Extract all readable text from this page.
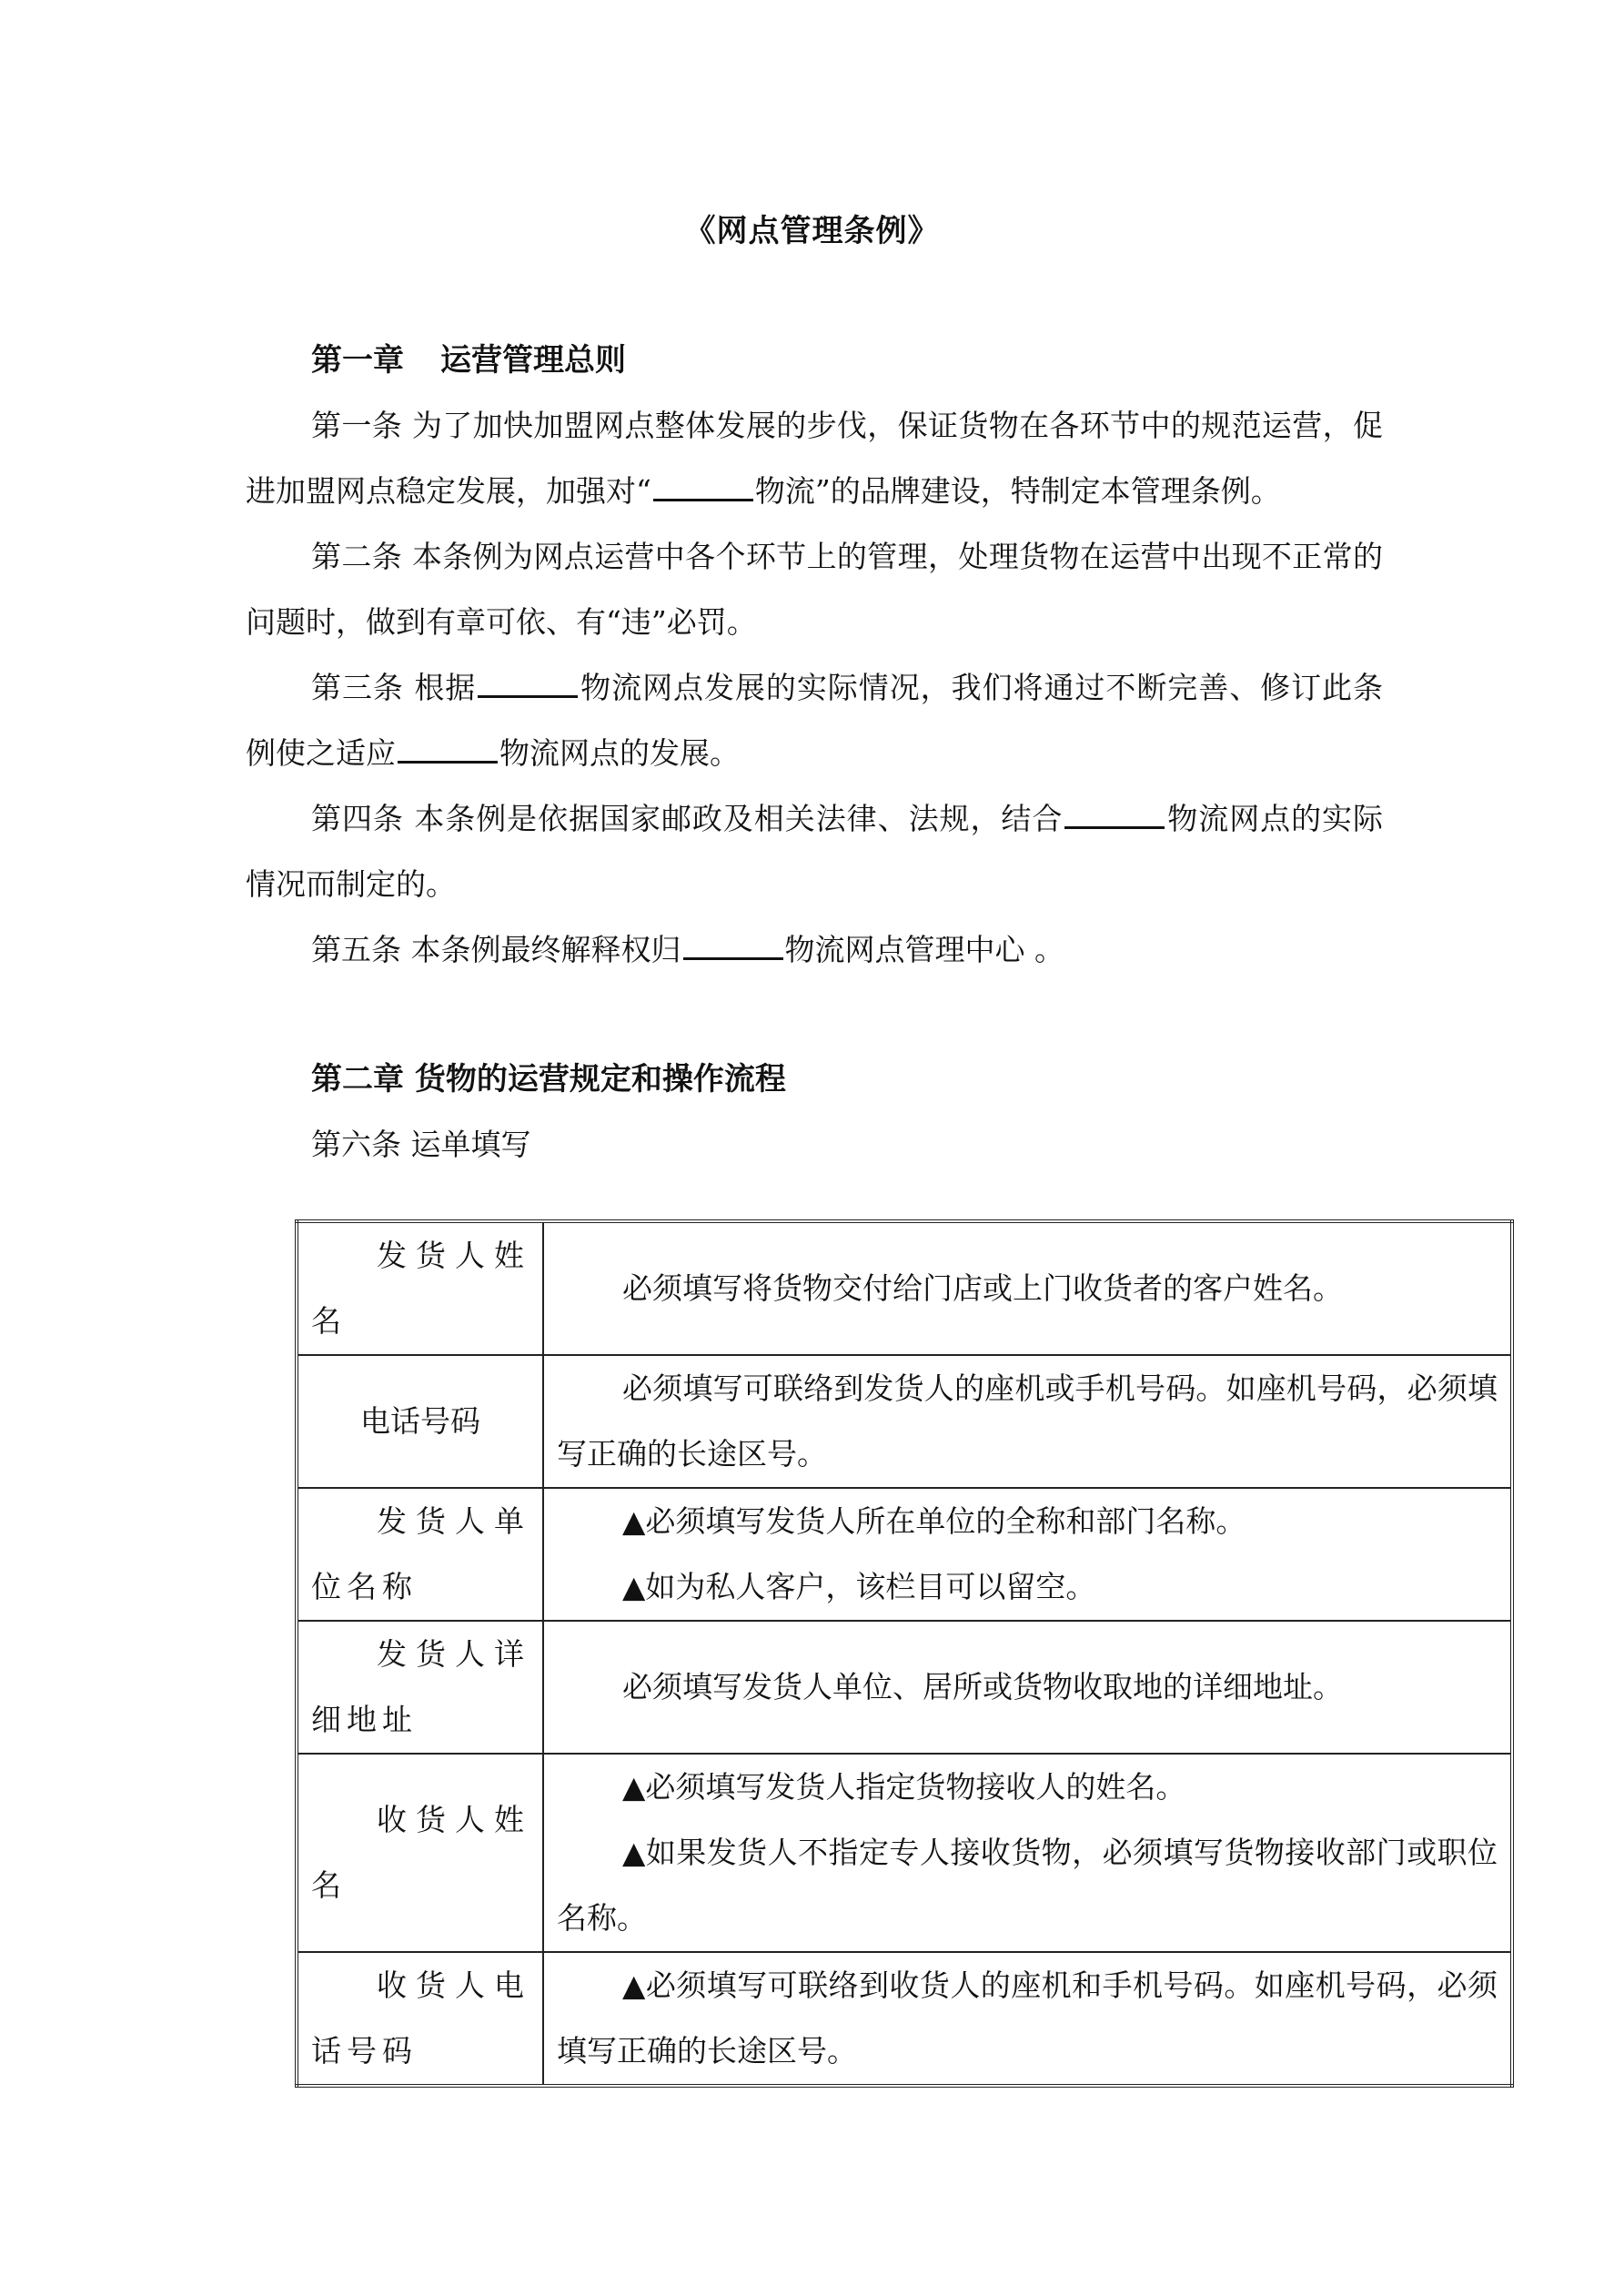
《网点管理条例》

第一章 运营管理总则

第一条 为了加快加盟网点整体发展的步伐，保证货物在各环节中的规范运营，促进加盟网点稳定发展，加强对“	物流”的品牌建设，特制定本管理条例。

第二条 本条例为网点运营中各个环节上的管理，处理货物在运营中出现不正常的问题时，做到有章可依、有“违”必罚。

第三条 根据	物流网点发展的实际情况，我们将通过不断完善、修订此条例使之适应	物流网点的发展。

第四条 本条例是依据国家邮政及相关法律、法规，结合	物流网点的实际情况而制定的。

第五条 本条例最终解释权归	物流网点管理中心 。

第二章 货物的运营规定和操作流程

第六条 运单填写

发货人姓名	必须填写将货物交付给门店或上门收货者的客户姓名。

电话号码	必须填写可联络到发货人的座机或手机号码。如座机号码，必须填写正确的长途区号。

发货人单位名称	▲必须填写发货人所在单位的全称和部门名称。

▲如为私人客户，该栏目可以留空。

发货人详细地址	必须填写发货人单位、居所或货物收取地的详细地址。

收货人姓名	▲必须填写发货人指定货物接收人的姓名。

▲如果发货人不指定专人接收货物，必须填写货物接收部门或职位名称。

收货人电话号码	▲必须填写可联络到收货人的座机和手机号码。如座机号码，必须填写正确的长途区号。
